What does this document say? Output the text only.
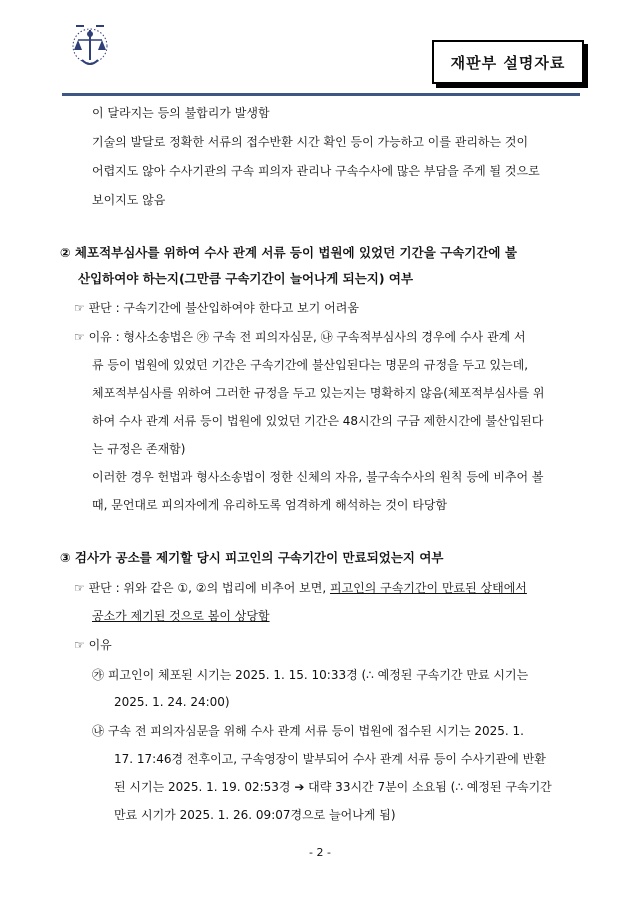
재판부 설명자료
이 달라지는 등의 불합리가 발생함
기술의 발달로 정확한 서류의 접수반환 시간 확인 등이 가능하고 이를 관리하는 것이
어렵지도 않아 수사기관의 구속 피의자 관리나 구속수사에 많은 부담을 주게 될 것으로
보이지도 않음
② 체포적부심사를 위하여 수사 관계 서류 등이 법원에 있었던 기간을 구속기간에 불
산입하여야 하는지(그만큼 구속기간이 늘어나게 되는지) 여부
☞ 판단 : 구속기간에 불산입하여야 한다고 보기 어려움
☞ 이유 : 형사소송법은 ㉮ 구속 전 피의자심문, ㉯ 구속적부심사의 경우에 수사 관계 서
류 등이 법원에 있었던 기간은 구속기간에 불산입된다는 명문의 규정을 두고 있는데,
체포적부심사를 위하여 그러한 규정을 두고 있는지는 명확하지 않음(체포적부심사를 위
하여 수사 관계 서류 등이 법원에 있었던 기간은 48시간의 구금 제한시간에 불산입된다
는 규정은 존재함)
이러한 경우 헌법과 형사소송법이 정한 신체의 자유, 불구속수사의 원칙 등에 비추어 볼
때, 문언대로 피의자에게 유리하도록 엄격하게 해석하는 것이 타당함
③ 검사가 공소를 제기할 당시 피고인의 구속기간이 만료되었는지 여부
☞ 판단 : 위와 같은 ①, ②의 법리에 비추어 보면, 피고인의 구속기간이 만료된 상태에서
공소가 제기된 것으로 봄이 상당함
☞ 이유
㉮ 피고인이 체포된 시기는 2025. 1. 15. 10:33경 (∴ 예정된 구속기간 만료 시기는
2025. 1. 24. 24:00)
㉯ 구속 전 피의자심문을 위해 수사 관계 서류 등이 법원에 접수된 시기는 2025. 1.
17. 17:46경 전후이고, 구속영장이 발부되어 수사 관계 서류 등이 수사기관에 반환
된 시기는 2025. 1. 19. 02:53경 ➔ 대략 33시간 7분이 소요됨 (∴ 예정된 구속기간
만료 시기가 2025. 1. 26. 09:07경으로 늘어나게 됨)
- 2 -
